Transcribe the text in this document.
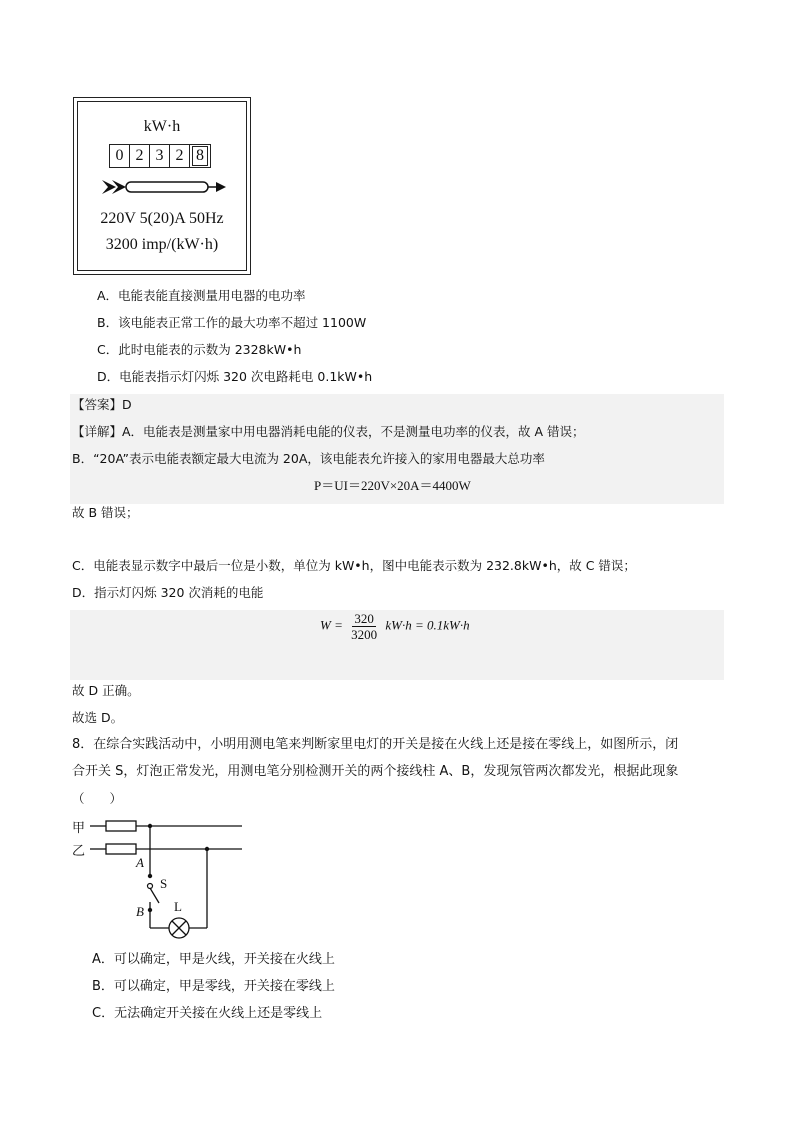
kW·h
0 2 3 2 8
220V 5(20)A 50Hz
3200 imp/(kW·h)
A．电能表能直接测量用电器的电功率
B．该电能表正常工作的最大功率不超过 1100W
C．此时电能表的示数为 2328kW•h
D．电能表指示灯闪烁 320 次电路耗电 0.1kW•h
【答案】D
【详解】A．电能表是测量家中用电器消耗电能的仪表，不是测量电功率的仪表，故 A 错误；
B．“20A”表示电能表额定最大电流为 20A，该电能表允许接入的家用电器最大总功率
P＝UI＝220V×20A＝4400W
故 B 错误；
C．电能表显示数字中最后一位是小数，单位为 kW•h，图中电能表示数为 232.8kW•h，故 C 错误；
D．指示灯闪烁 320 次消耗的电能
$W = \frac{320}{3200} kW\cdot h = 0.1kW\cdot h$
故 D 正确。
故选 D。
8．在综合实践活动中，小明用测电笔来判断家里电灯的开关是接在火线上还是接在零线上，如图所示，闭
合开关 S，灯泡正常发光，用测电笔分别检测开关的两个接线柱 A、B，发现氖管两次都发光，根据此现象
（　　）
甲
乙
A
S
B L
A．可以确定，甲是火线，开关接在火线上
B．可以确定，甲是零线，开关接在零线上
C．无法确定开关接在火线上还是零线上
